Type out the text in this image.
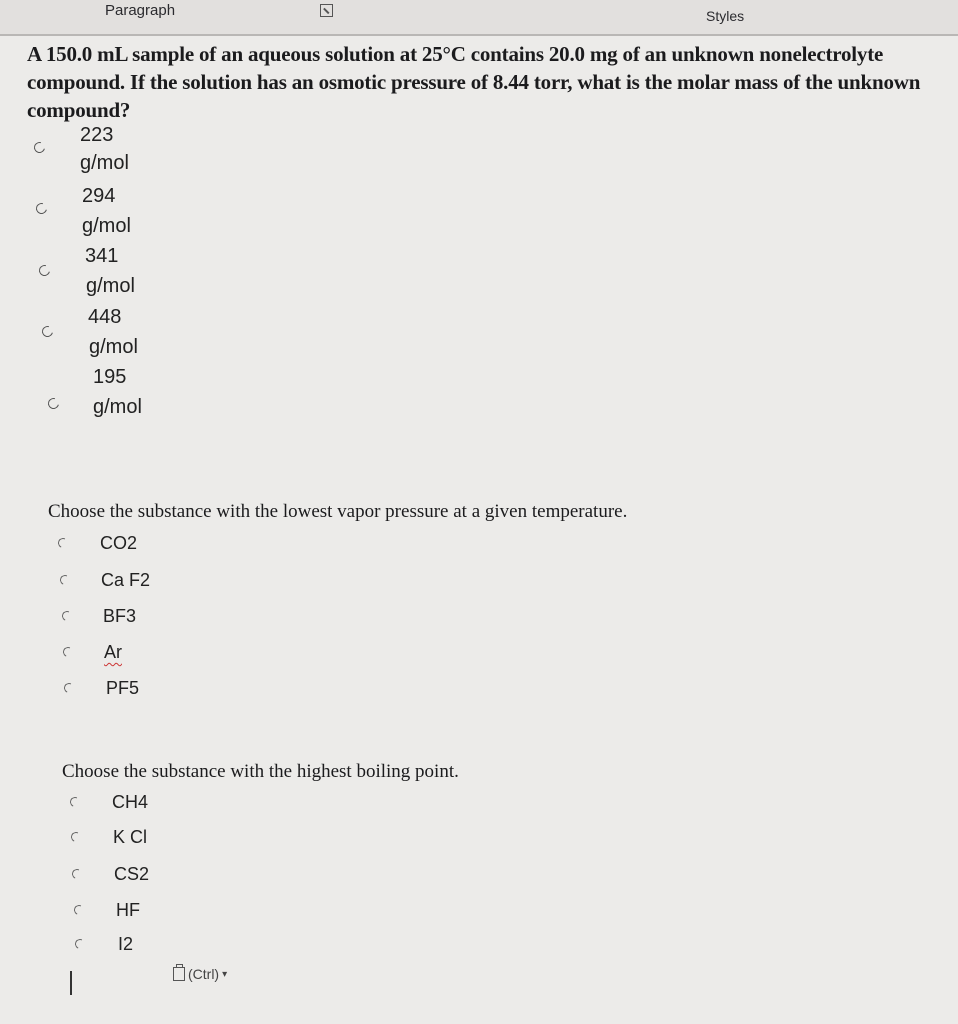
Paragraph	Styles
A 150.0 mL sample of an aqueous solution at 25°C contains 20.0 mg of an unknown nonelectrolyte compound. If the solution has an osmotic pressure of 8.44 torr, what is the molar mass of the unknown compound?
223
g/mol
294
g/mol
341
g/mol
448
g/mol
195
g/mol
Choose the substance with the lowest vapor pressure at a given temperature.
CO2
Ca F2
BF3
Ar
PF5
Choose the substance with the highest boiling point.
CH4
K Cl
CS2
HF
I2
(Ctrl) ▾
